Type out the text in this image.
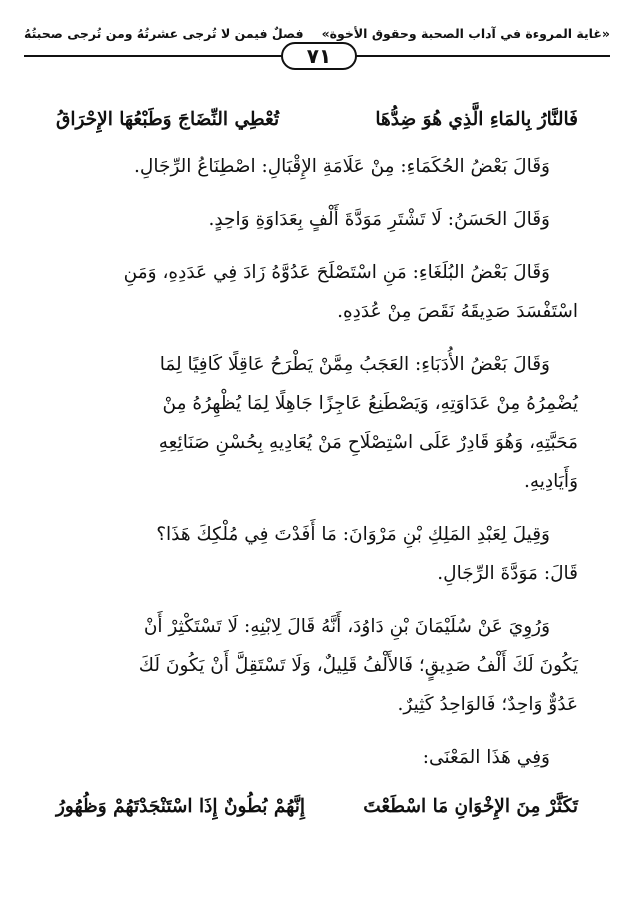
«غاية المروءة في آداب الصحبة وحقوق الأخوة»
فصلٌ فيمن لا تُرجى عشرتُهُ ومن تُرجى صحبتُهُ
٧١
فَالنَّارُ بِالمَاءِ الَّذِي هُوَ ضِدُّهَا
تُعْطِي النِّضَاجَ وَطَبْعُهَا الإِحْرَاقُ
وَقَالَ بَعْضُ الحُكَمَاءِ: مِنْ عَلَامَةِ الإِقْبَالِ: اصْطِنَاعُ الرِّجَالِ.
وَقَالَ الحَسَنُ: لَا تَشْتَرِ مَوَدَّةَ أَلْفٍ بِعَدَاوَةِ وَاحِدٍ.
وَقَالَ بَعْضُ البُلَغَاءِ: مَنِ اسْتَصْلَحَ عَدُوَّهُ زَادَ فِي عَدَدِهِ، وَمَنِ
اسْتَفْسَدَ صَدِيقَهُ نَقَصَ مِنْ عُدَدِهِ.
وَقَالَ بَعْضُ الأُدَبَاءِ: العَجَبُ مِمَّنْ يَطْرَحُ عَاقِلًا كَافِيًا لِمَا
يُضْمِرُهُ مِنْ عَدَاوَتِهِ، وَيَصْطَنِعُ عَاجِزًا جَاهِلًا لِمَا يُظْهِرُهُ مِنْ
مَحَبَّتِهِ، وَهُوَ قَادِرٌ عَلَى اسْتِصْلَاحِ مَنْ يُعَادِيهِ بِحُسْنِ صَنَائِعِهِ
وَأَيَادِيهِ.
وَقِيلَ لِعَبْدِ المَلِكِ بْنِ مَرْوَانَ: مَا أَفَدْتَ فِي مُلْكِكَ هَذَا؟
قَالَ: مَوَدَّةَ الرِّجَالِ.
وَرُوِيَ عَنْ سُلَيْمَانَ بْنِ دَاوُدَ، أَنَّهُ قَالَ لِابْنِهِ: لَا تَسْتَكْثِرْ أَنْ
يَكُونَ لَكَ أَلْفُ صَدِيقٍ؛ فَالأَلْفُ قَلِيلٌ، وَلَا تَسْتَقِلَّ أَنْ يَكُونَ لَكَ
عَدُوٌّ وَاحِدٌ؛ فَالوَاحِدُ كَثِيرٌ.
وَفِي هَذَا المَعْنَى:
تَكَثَّرْ مِنَ الإِخْوَانِ مَا اسْطَعْتَ
إِنَّهُمْ بُطُونٌ إِذَا اسْتَنْجَدْتَهُمْ وَظُهُورُ
